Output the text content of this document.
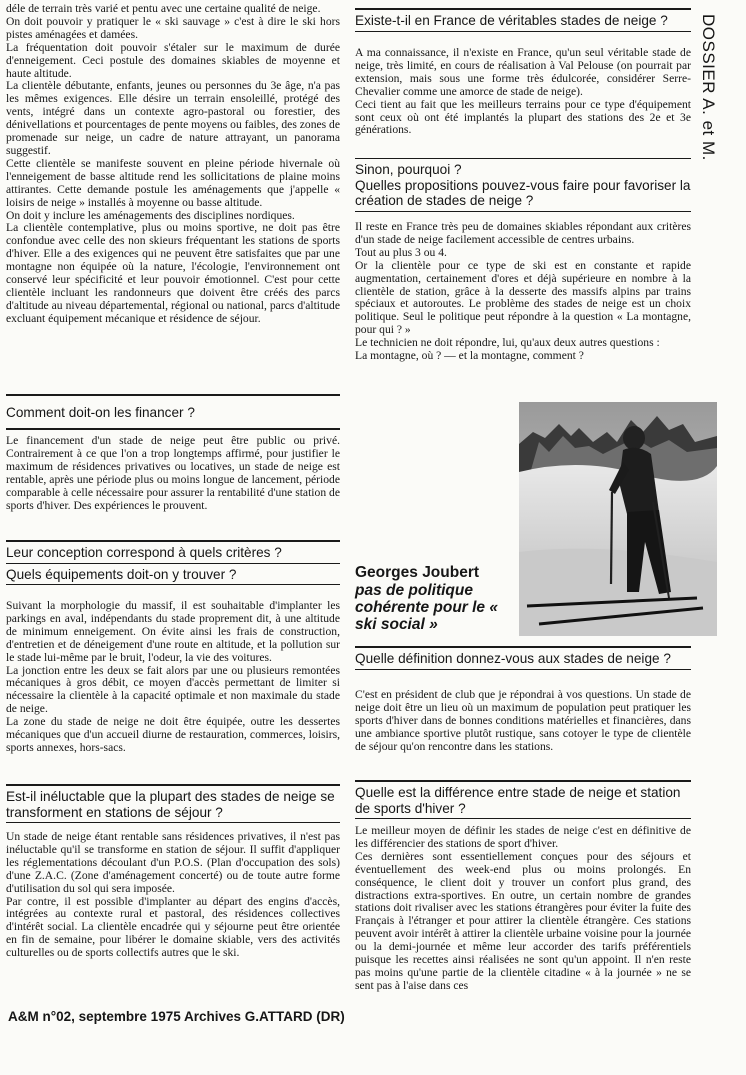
DOSSIER A. et M.

déle de terrain très varié et pentu avec une certaine qualité de neige.

On doit pouvoir y pratiquer le « ski sauvage » c'est à dire le ski hors pistes aménagées et damées.

La fréquentation doit pouvoir s'étaler sur le maximum de durée d'enneigement. Ceci postule des domaines skiables de moyenne et haute altitude.

La clientèle débutante, enfants, jeunes ou personnes du 3e âge, n'a pas les mêmes exigences. Elle désire un terrain ensoleillé, protégé des vents, intégré dans un contexte agro-pastoral ou forestier, des dénivellations et pourcentages de pente moyens ou faibles, des zones de promenade sur neige, un cadre de nature attrayant, un panorama suggestif.

Cette clientèle se manifeste souvent en pleine période hivernale où l'enneigement de basse altitude rend les sollicitations de plaine moins attirantes. Cette demande postule les aménagements que j'appelle « loisirs de neige » installés à moyenne ou basse altitude.

On doit y inclure les aménagements des disciplines nordiques.

La clientèle contemplative, plus ou moins sportive, ne doit pas être confondue avec celle des non skieurs fréquentant les stations de sports d'hiver. Elle a des exigences qui ne peuvent être satisfaites que par une montagne non équipée où la nature, l'écologie, l'environnement ont conservé leur spécificité et leur pouvoir émotionnel. C'est pour cette clientèle incluant les randonneurs que doivent être créés des parcs d'altitude au niveau départemental, régional ou national, parcs d'altitude excluant équipement mécanique et résidence de séjour.

Comment doit-on les financer ?

Le financement d'un stade de neige peut être public ou privé. Contrairement à ce que l'on a trop longtemps affirmé, pour justifier le maximum de résidences privatives ou locatives, un stade de neige est rentable, après une période plus ou moins longue de lancement, période comparable à celle nécessaire pour assurer la rentabilité d'une station de sports d'hiver. Des expériences le prouvent.

Leur conception correspond à quels critères ?
Quels équipements doit-on y trouver ?

Suivant la morphologie du massif, il est souhaitable d'implanter les parkings en aval, indépendants du stade proprement dit, à une altitude de minimum enneigement. On évite ainsi les frais de construction, d'entretien et de déneigement d'une route en altitude, et la pollution sur le stade lui-même par le bruit, l'odeur, la vie des voitures.

La jonction entre les deux se fait alors par une ou plusieurs remontées mécaniques à gros débit, ce moyen d'accès permettant de limiter si nécessaire la clientèle à la capacité optimale et non maximale du stade de neige.

La zone du stade de neige ne doit être équipée, outre les dessertes mécaniques que d'un accueil diurne de restauration, commerces, loisirs, sports annexes, hors-sacs.

Est-il inéluctable que la plupart des stades de neige se transforment en stations de séjour ?

Un stade de neige étant rentable sans résidences privatives, il n'est pas inéluctable qu'il se transforme en station de séjour. Il suffit d'appliquer les réglementations découlant d'un P.O.S. (Plan d'occupation des sols) d'une Z.A.C. (Zone d'aménagement concerté) ou de toute autre forme d'utilisation du sol qui sera imposée.

Par contre, il est possible d'implanter au départ des engins d'accès, intégrées au contexte rural et pastoral, des résidences collectives d'intérêt social. La clientèle encadrée qui y séjourne peut être orientée en fin de semaine, pour libérer le domaine skiable, vers des activités culturelles ou de sports collectifs autres que le ski.

Existe-t-il en France de véritables stades de neige ?

A ma connaissance, il n'existe en France, qu'un seul véritable stade de neige, très limité, en cours de réalisation à Val Pelouse (on pourrait par extension, mais sous une forme très édulcorée, considérer Serre-Chevalier comme une amorce de stade de neige).

Ceci tient au fait que les meilleurs terrains pour ce type d'équipement sont ceux où ont été implantés la plupart des stations des 2e et 3e générations.

Sinon, pourquoi ?
Quelles propositions pouvez-vous faire pour favoriser la création de stades de neige ?

Il reste en France très peu de domaines skiables répondant aux critères d'un stade de neige facilement accessible de centres urbains.

Tout au plus 3 ou 4.

Or la clientèle pour ce type de ski est en constante et rapide augmentation, certainement d'ores et déjà supérieure en nombre à la clientèle de station, grâce à la desserte des massifs alpins par trains spéciaux et autoroutes. Le problème des stades de neige est un choix politique. Seul le politique peut répondre à la question « La montagne, pour qui ? »

Le technicien ne doit répondre, lui, qu'aux deux autres questions :

La montagne, où ? — et la montagne, comment ?

Quelle définition donnez-vous aux stades de neige ?

C'est en président de club que je répondrai à vos questions. Un stade de neige doit être un lieu où un maximum de population peut pratiquer les sports d'hiver dans de bonnes conditions matérielles et financières, dans une ambiance sportive plutôt rustique, sans cotoyer le type de clientèle de séjour qu'on rencontre dans les stations.

Quelle est la différence entre stade de neige et station de sports d'hiver ?

Le meilleur moyen de définir les stades de neige c'est en définitive de les différencier des stations de sport d'hiver.

Ces dernières sont essentiellement conçues pour des séjours et éventuellement des week-end plus ou moins prolongés. En conséquence, le client doit y trouver un confort plus grand, des distractions extra-sportives. En outre, un certain nombre de grandes stations doit rivaliser avec les stations étrangères pour éviter la fuite des Français à l'étranger et pour attirer la clientèle étrangère. Ces stations peuvent avoir intérêt à attirer la clientèle urbaine voisine pour la journée ou la demi-journée et même leur accorder des tarifs préférentiels puisque les recettes ainsi réalisées ne sont qu'un appoint. Il n'en reste pas moins qu'une partie de la clientèle citadine « à la journée » ne se sent pas à l'aise dans ces

Georges Joubert
pas de politique cohérente pour le « ski social »
A&M n°02, septembre 1975 Archives G.ATTARD (DR)
